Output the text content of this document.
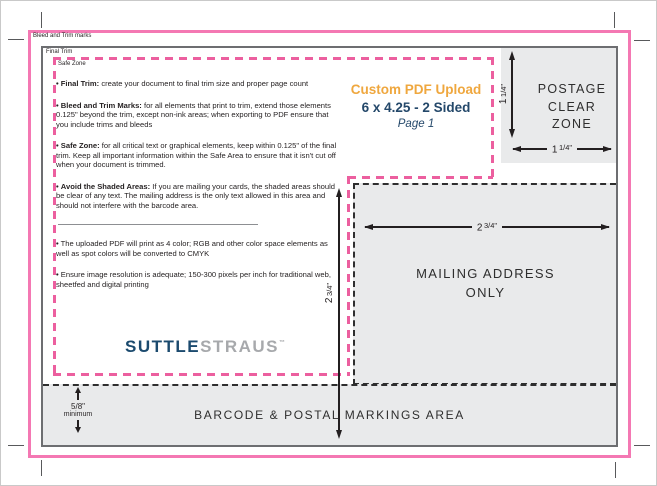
Bleed and Trim marks
Final Trim
Safe Zone

• Final Trim: create your document to final trim size and proper page count

• Bleed and Trim Marks: for all elements that print to trim, extend those elements 0.125" beyond the trim, except non-ink areas; when exporting to PDF ensure that you include trims and bleeds

• Safe Zone: for all critical text or graphical elements, keep within 0.125" of the final trim. Keep all important information within the Safe Area to ensure that it isn't cut off when your document is trimmed.

• Avoid the Shaded Areas: If you are mailing your cards, the shaded areas should be clear of any text. The mailing address is the only text allowed in this area and should not interfere with the barcode area.

• The uploaded PDF will print as 4 color; RGB and other color space elements as well as spot colors will be converted to CMYK

• Ensure image resolution is adequate; 150-300 pixels per inch for traditional web, sheetfed and digital printing

Custom PDF Upload
6 x 4.25 - 2 Sided
Page 1
1
1/4"	POSTAGE
CLEAR
ZONE
1 $^{1/4"}$
2 $^{3/4"}$
MAILING ADDRESS
ONLY
2
3/4"
BARCODE & POSTAL MARKINGS AREA
5/8"
minimum
SUTTLESTRAUS™
